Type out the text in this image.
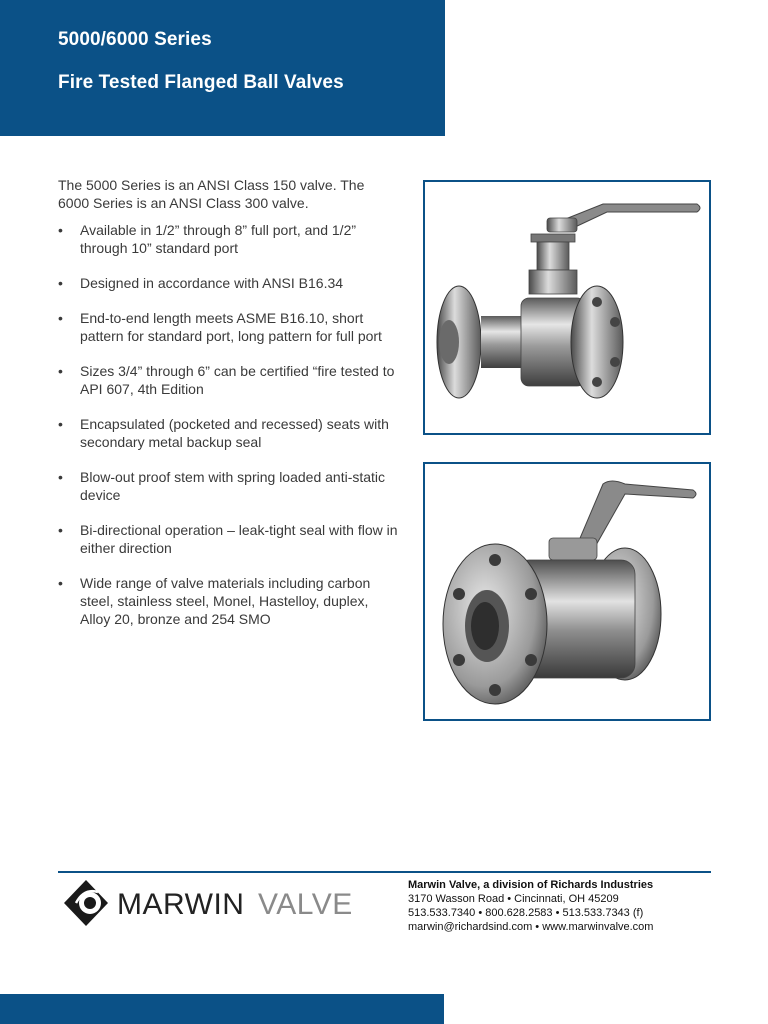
5000/6000 Series
Fire Tested Flanged Ball Valves

The 5000 Series is an ANSI Class 150 valve. The 6000 Series is an ANSI Class 300 valve.

• Available in 1/2” through 8” full port, and 1/2” through 10” standard port
• Designed in accordance with ANSI B16.34
• End-to-end length meets ASME B16.10, short pattern for standard port, long pattern for full port
• Sizes 3/4” through 6” can be certified “fire tested to API 607, 4th Edition
• Encapsulated (pocketed and recessed) seats with secondary metal backup seal
• Blow-out proof stem with spring loaded anti-static device
• Bi-directional operation – leak-tight seal with flow in either direction
• Wide range of valve materials including carbon steel, stainless steel, Monel, Hastelloy, duplex, Alloy 20, bronze and 254 SMO
MARWIN VALVE
Marwin Valve, a division of Richards Industries
3170 Wasson Road • Cincinnati, OH 45209
513.533.7340 • 800.628.2583 • 513.533.7343 (f)
marwin@richardsind.com • www.marwinvalve.com
